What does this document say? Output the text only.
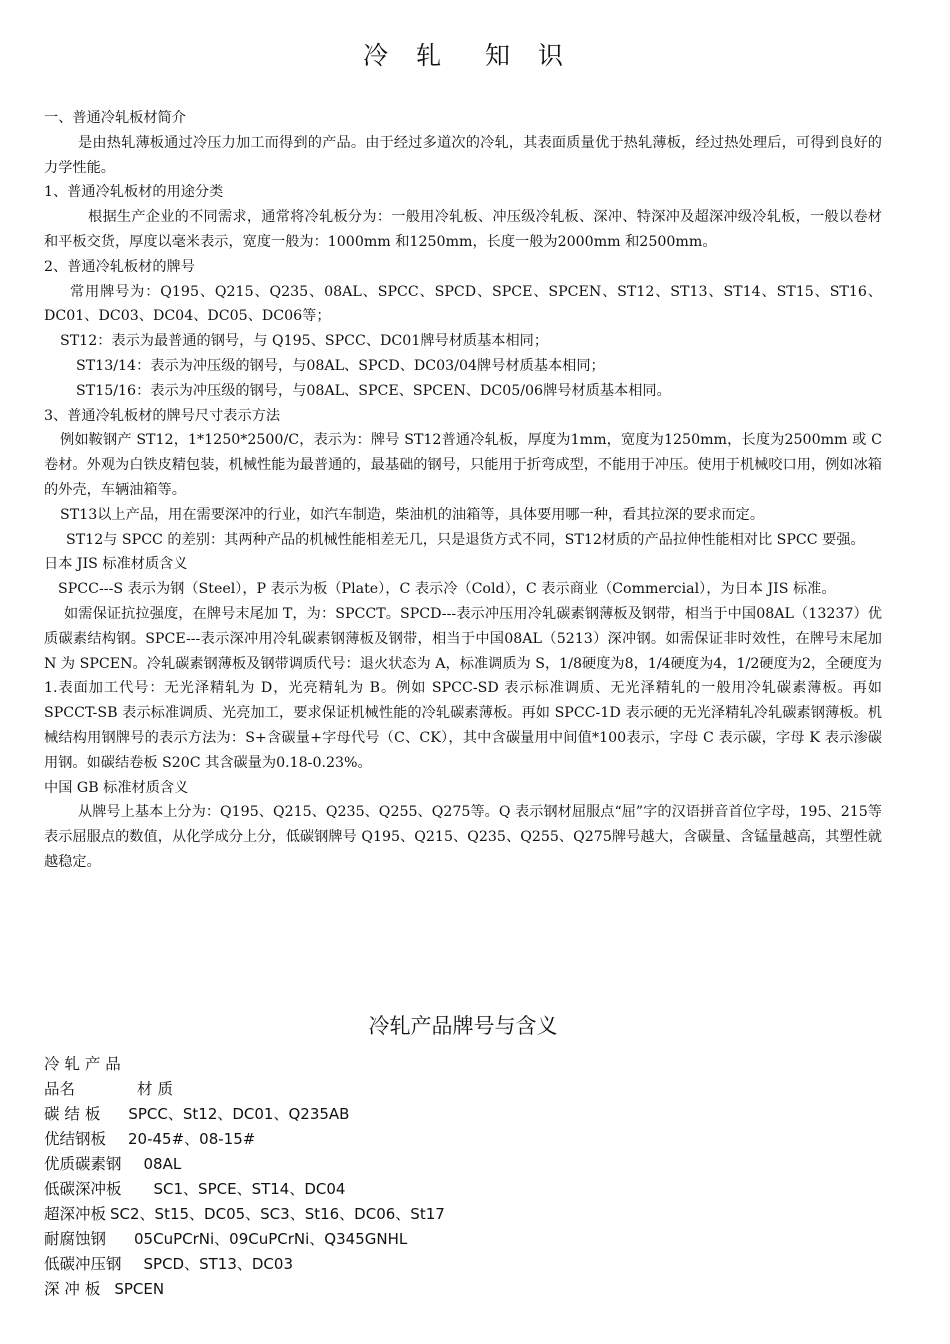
冷 轧 知 识

一、普通冷轧板材简介

是由热轧薄板通过冷压力加工而得到的产品。由于经过多道次的冷轧，其表面质量优于热轧薄板，经过热处理后，可得到良好的力学性能。

1、普通冷轧板材的用途分类

根据生产企业的不同需求，通常将冷轧板分为：一般用冷轧板、冲压级冷轧板、深冲、特深冲及超深冲级冷轧板，一般以卷材和平板交货，厚度以毫米表示，宽度一般为：1000mm 和1250mm，长度一般为2000mm 和2500mm。

2、普通冷轧板材的牌号

常用牌号为：Q195、Q215、Q235、08AL、SPCC、SPCD、SPCE、SPCEN、ST12、ST13、ST14、ST15、ST16、DC01、DC03、DC04、DC05、DC06等；

ST12：表示为最普通的钢号，与 Q195、SPCC、DC01牌号材质基本相同；

ST13/14：表示为冲压级的钢号，与08AL、SPCD、DC03/04牌号材质基本相同；

ST15/16：表示为冲压级的钢号，与08AL、SPCE、SPCEN、DC05/06牌号材质基本相同。

3、普通冷轧板材的牌号尺寸表示方法

例如鞍钢产 ST12，1*1250*2500/C，表示为：牌号 ST12普通冷轧板，厚度为1mm，宽度为1250mm，长度为2500mm 或 C 卷材。外观为白铁皮精包装，机械性能为最普通的，最基础的钢号，只能用于折弯成型，不能用于冲压。使用于机械咬口用，例如冰箱的外壳，车辆油箱等。

ST13以上产品，用在需要深冲的行业，如汽车制造，柴油机的油箱等，具体要用哪一种，看其拉深的要求而定。

ST12与 SPCC 的差别：其两种产品的机械性能相差无几，只是退货方式不同，ST12材质的产品拉伸性能相对比 SPCC 要强。

日本 JIS 标准材质含义

SPCC---S 表示为钢（Steel），P 表示为板（Plate），C 表示冷（Cold），C 表示商业（Commercial），为日本 JIS 标准。

如需保证抗拉强度，在牌号末尾加 T，为：SPCCT。SPCD---表示冲压用冷轧碳素钢薄板及钢带，相当于中国08AL（13237）优质碳素结构钢。SPCE---表示深冲用冷轧碳素钢薄板及钢带，相当于中国08AL（5213）深冲钢。如需保证非时效性，在牌号末尾加 N 为 SPCEN。冷轧碳素钢薄板及钢带调质代号：退火状态为 A，标准调质为 S，1/8硬度为8，1/4硬度为4，1/2硬度为2，全硬度为1.表面加工代号：无光泽精轧为 D，光亮精轧为 B。例如 SPCC-SD 表示标准调质、无光泽精轧的一般用冷轧碳素薄板。再如 SPCCT-SB 表示标准调质、光亮加工，要求保证机械性能的冷轧碳素薄板。再如 SPCC-1D 表示硬的无光泽精轧冷轧碳素钢薄板。机械结构用钢牌号的表示方法为：S+含碳量+字母代号（C、CK），其中含碳量用中间值*100表示，字母 C 表示碳，字母 K 表示渗碳用钢。如碳结卷板 S20C 其含碳量为0.18-0.23%。

中国 GB 标准材质含义

从牌号上基本上分为：Q195、Q215、Q235、Q255、Q275等。Q 表示钢材屈服点“屈”字的汉语拼音首位字母，195、215等表示屈服点的数值，从化学成分上分，低碳钢牌号 Q195、Q215、Q235、Q255、Q275牌号越大，含碳量、含锰量越高，其塑性就越稳定。

冷轧产品牌号与含义
冷 轧 产 品
品名	材 质
碳 结 板 SPCC、St12、DC01、Q235AB
优结钢板 20-45#、08-15#
优质碳素钢 08AL
低碳深冲板 SC1、SPCE、ST14、DC04
超深冲板 SC2、St15、DC05、SC3、St16、DC06、St17
耐腐蚀钢 05CuPCrNi、09CuPCrNi、Q345GNHL
低碳冲压钢 SPCD、ST13、DC03
深 冲 板 SPCEN
